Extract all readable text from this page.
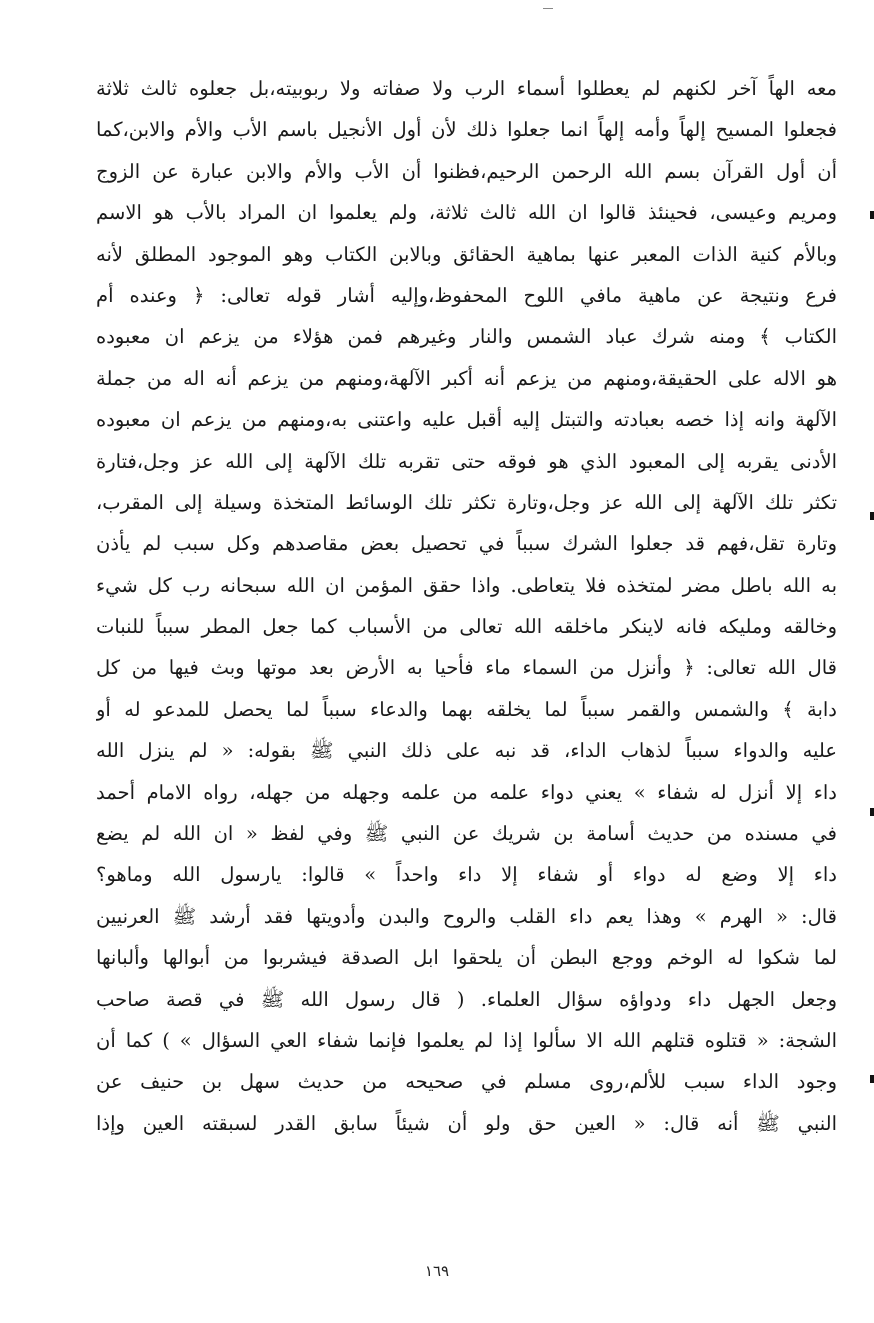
معه الهاً آخر لكنهم لم يعطلوا أسماء الرب ولا صفاته ولا ربوبيته،بل جعلوه ثالث ثلاثة
فجعلوا المسيح إلهاً وأمه إلهاً انما جعلوا ذلك لأن أول الأنجيل باسم الأب والأم والابن،كما
أن أول القرآن بسم الله الرحمن الرحيم،فظنوا أن الأب والأم والابن عبارة عن الزوج
ومريم وعيسى، فحينئذ قالوا ان الله ثالث ثلاثة، ولم يعلموا ان المراد بالأب هو الاسم
وبالأم كنية الذات المعبر عنها بماهية الحقائق وبالابن الكتاب وهو الموجود المطلق لأنه
فرع ونتيجة عن ماهية مافي اللوح المحفوظ،وإليه أشار قوله تعالى: ﴿ وعنده أم
الكتاب ﴾ ومنه شرك عباد الشمس والنار وغيرهم فمن هؤلاء من يزعم ان معبوده
هو الاله على الحقيقة،ومنهم من يزعم أنه أكبر الآلهة،ومنهم من يزعم أنه اله من جملة
الآلهة وانه إذا خصه بعبادته والتبتل إليه أقبل عليه واعتنى به،ومنهم من يزعم ان معبوده
الأدنى يقربه إلى المعبود الذي هو فوقه حتى تقربه تلك الآلهة إلى الله عز وجل،فتارة
تكثر تلك الآلهة إلى الله عز وجل،وتارة تكثر تلك الوسائط المتخذة وسيلة إلى المقرب،
وتارة تقل،فهم قد جعلوا الشرك سبباً في تحصيل بعض مقاصدهم وكل سبب لم يأذن
به الله باطل مضر لمتخذه فلا يتعاطى. واذا حقق المؤمن ان الله سبحانه رب كل شيء
وخالقه ومليكه فانه لاينكر ماخلقه الله تعالى من الأسباب كما جعل المطر سبباً للنبات
قال الله تعالى: ﴿ وأنزل من السماء ماء فأحيا به الأرض بعد موتها وبث فيها من كل
دابة ﴾ والشمس والقمر سبباً لما يخلقه بهما والدعاء سبباً لما يحصل للمدعو له أو
عليه والدواء سبباً لذهاب الداء، قد نبه على ذلك النبي ﷺ بقوله: « لم ينزل الله
داء إلا أنزل له شفاء » يعني دواء علمه من علمه وجهله من جهله، رواه الامام أحمد
في مسنده من حديث أسامة بن شريك عن النبي ﷺ وفي لفظ « ان الله لم يضع
داء إلا وضع له دواء أو شفاء إلا داء واحداً » قالوا: يارسول الله وماهو؟
قال: « الهرم » وهذا يعم داء القلب والروح والبدن وأدويتها فقد أرشد ﷺ العرنيين
لما شكوا له الوخم ووجع البطن أن يلحقوا ابل الصدقة فيشربوا من أبوالها وألبانها
وجعل الجهل داء ودواؤه سؤال العلماء. ( قال رسول الله ﷺ في قصة صاحب
الشجة: « قتلوه قتلهم الله الا سألوا إذا لم يعلموا فإنما شفاء العي السؤال » ) كما أن
وجود الداء سبب للألم،روى مسلم في صحيحه من حديث سهل بن حنيف عن
النبي ﷺ أنه قال: « العين حق ولو أن شيئاً سابق القدر لسبقته العين وإذا
١٦٩
